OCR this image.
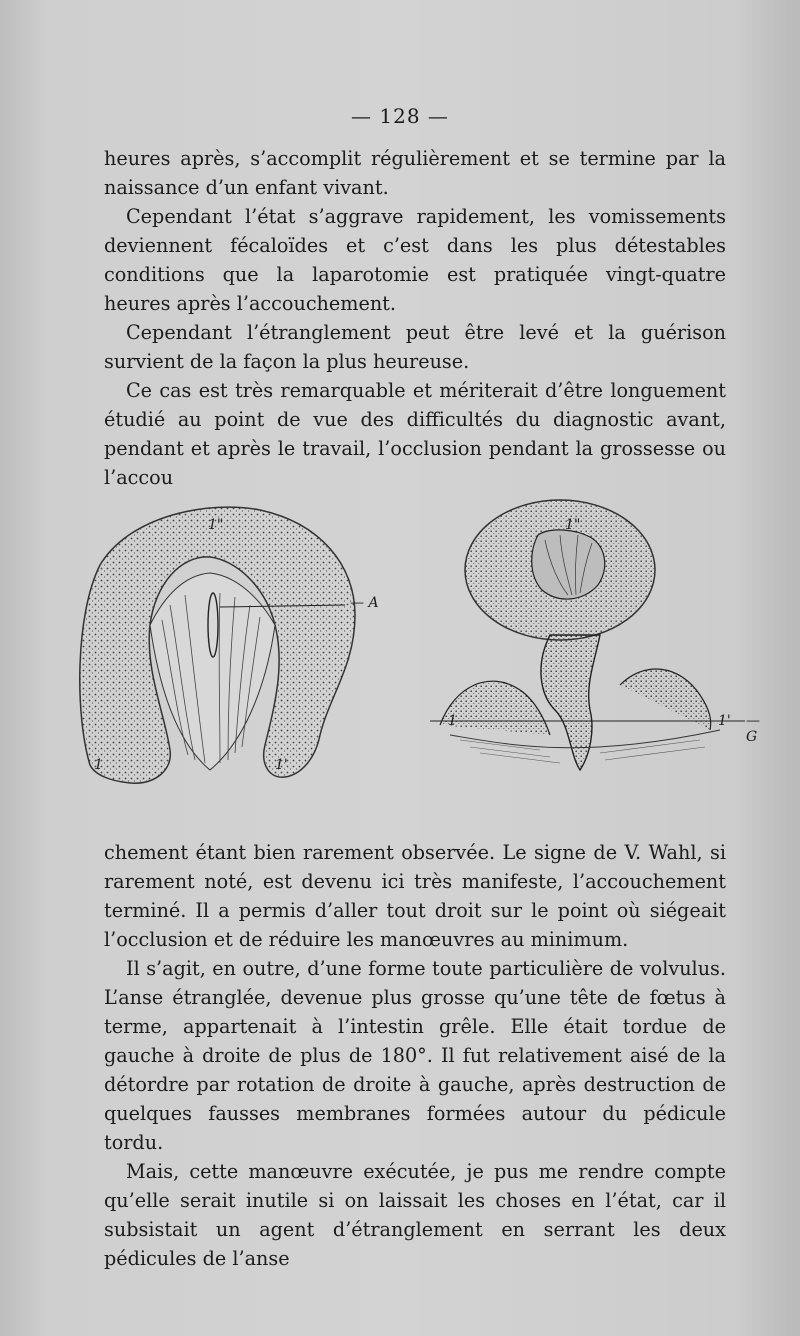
— 128 —

heures après, s’accomplit régulièrement et se termine par la naissance d’un enfant vivant.

Cependant l’état s’aggrave rapidement, les vomissements deviennent fécaloïdes et c’est dans les plus détestables conditions que la laparotomie est pratiquée vingt-quatre heures après l’accouchement.

Cependant l’étranglement peut être levé et la guérison survient de la façon la plus heureuse.

Ce cas est très remarquable et mériterait d’être longuement étudié au point de vue des difficultés du diagnostic avant, pendant et après le travail, l’occlusion pendant la grossesse ou l’accou

1"
— A
1	1'
1"
1	1' — G

chement étant bien rarement observée. Le signe de V. Wahl, si rarement noté, est devenu ici très manifeste, l’accouchement terminé. Il a permis d’aller tout droit sur le point où siégeait l’occlusion et de réduire les manœuvres au minimum.

Il s’agit, en outre, d’une forme toute particulière de volvulus. L’anse étranglée, devenue plus grosse qu’une tête de fœtus à terme, appartenait à l’intestin grêle. Elle était tordue de gauche à droite de plus de 180°. Il fut relativement aisé de la détordre par rotation de droite à gauche, après destruction de quelques fausses membranes formées autour du pédicule tordu.

Mais, cette manœuvre exécutée, je pus me rendre compte qu’elle serait inutile si on laissait les choses en l’état, car il subsistait un agent d’étranglement en serrant les deux pédicules de l’anse
